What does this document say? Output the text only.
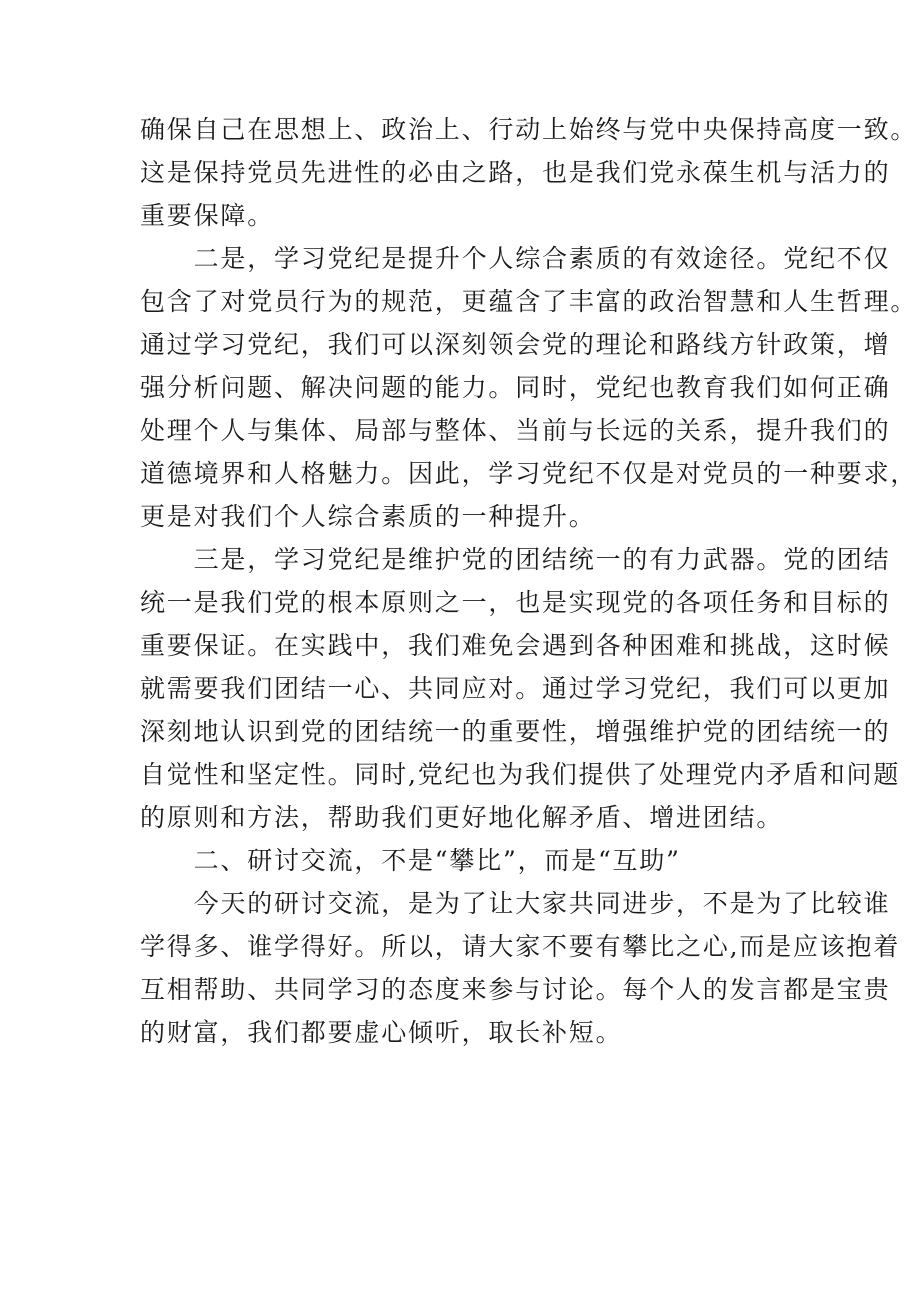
确保自己在思想上、政治上、行动上始终与党中央保持高度一致。
这是保持党员先进性的必由之路，也是我们党永葆生机与活力的
重要保障。
　　二是，学习党纪是提升个人综合素质的有效途径。党纪不仅
包含了对党员行为的规范，更蕴含了丰富的政治智慧和人生哲理。
通过学习党纪，我们可以深刻领会党的理论和路线方针政策，增
强分析问题、解决问题的能力。同时，党纪也教育我们如何正确
处理个人与集体、局部与整体、当前与长远的关系，提升我们的
道德境界和人格魅力。因此，学习党纪不仅是对党员的一种要求，
更是对我们个人综合素质的一种提升。
　　三是，学习党纪是维护党的团结统一的有力武器。党的团结
统一是我们党的根本原则之一，也是实现党的各项任务和目标的
重要保证。在实践中，我们难免会遇到各种困难和挑战，这时候
就需要我们团结一心、共同应对。通过学习党纪，我们可以更加
深刻地认识到党的团结统一的重要性，增强维护党的团结统一的
自觉性和坚定性。同时,党纪也为我们提供了处理党内矛盾和问题
的原则和方法，帮助我们更好地化解矛盾、增进团结。
　　二、研讨交流，不是“攀比”，而是“互助”
　　今天的研讨交流，是为了让大家共同进步，不是为了比较谁
学得多、谁学得好。所以，请大家不要有攀比之心,而是应该抱着
互相帮助、共同学习的态度来参与讨论。每个人的发言都是宝贵
的财富，我们都要虚心倾听，取长补短。
